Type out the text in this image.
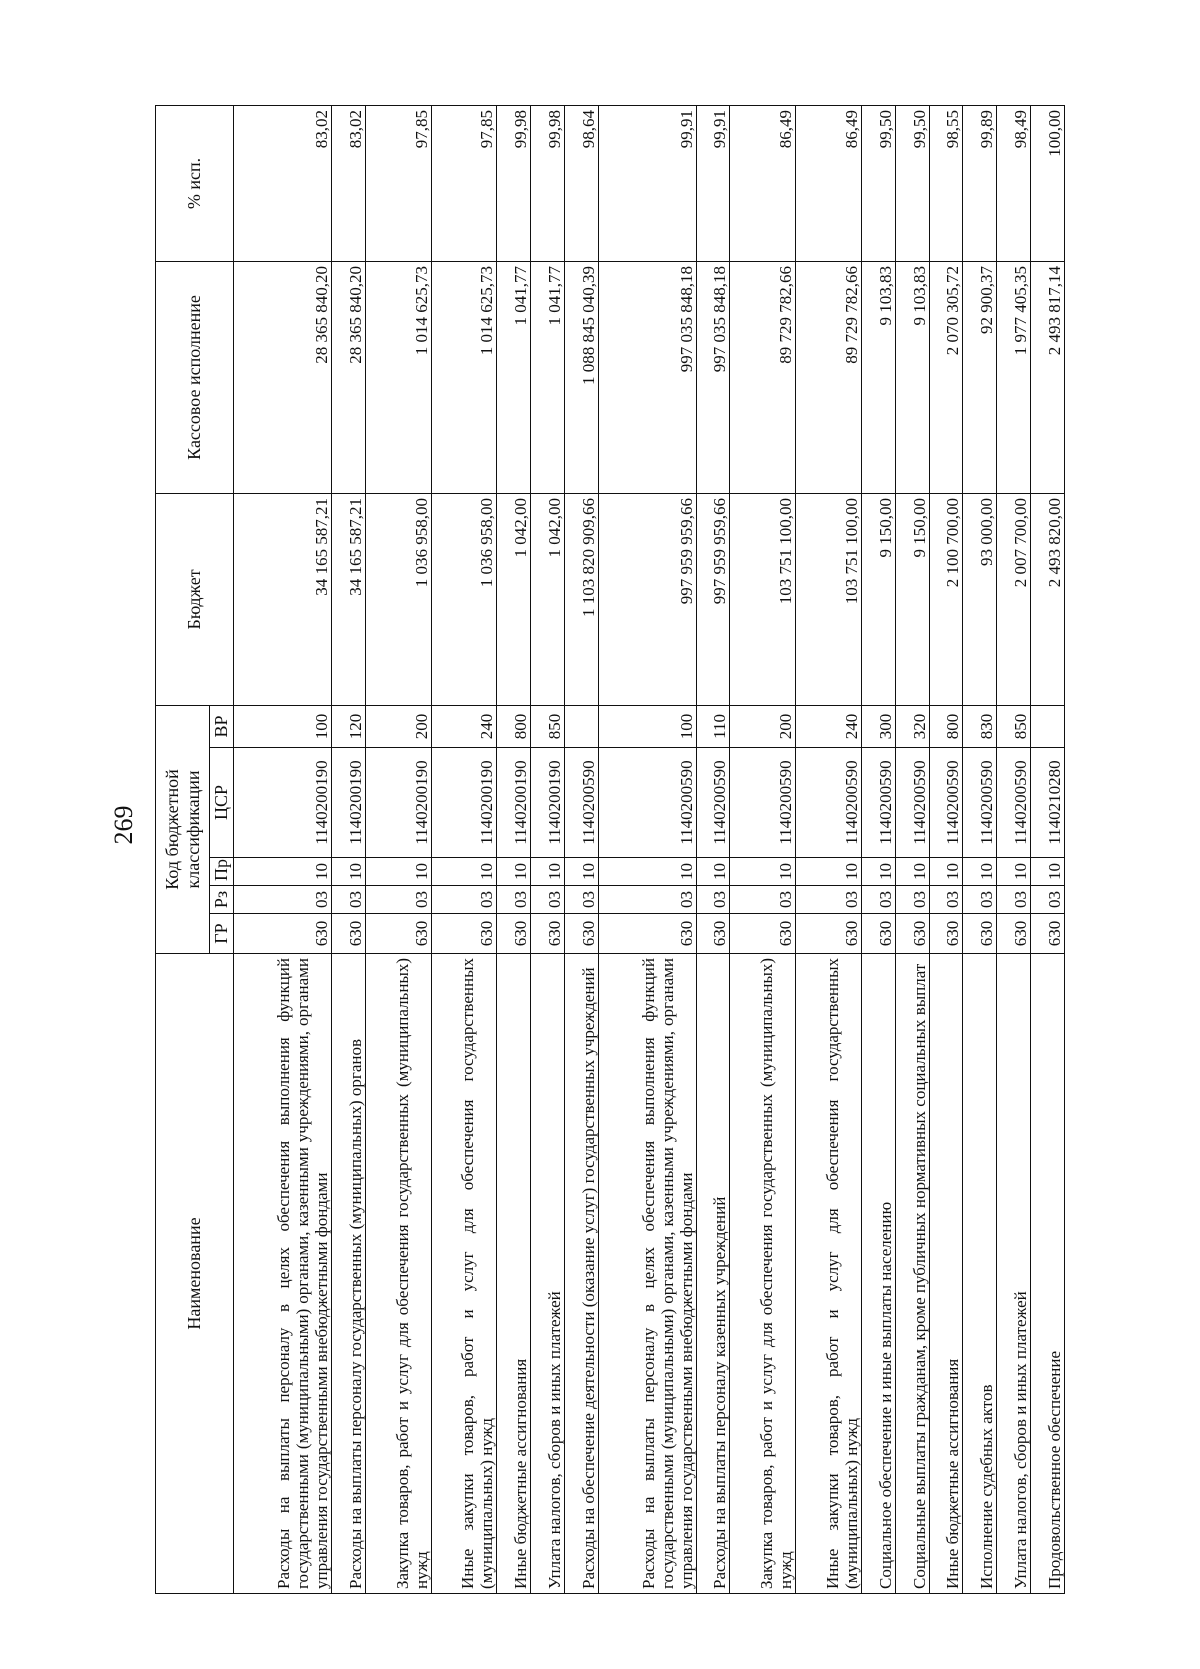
269
Наименование	Код бюджетной классификации					Бюджет	Кассовое исполнение	% исп.
	ГР	Рз	Пр	ЦСР	ВР			
Расходы на выплаты персоналу в целях обеспечения выполнения функций государственными (муниципальными) органами, казенными учреждениями, органами управления государственными внебюджетными фондами	630	03	10	1140200190	100	34 165 587,21	28 365 840,20	83,02
Расходы на выплаты персоналу государственных (муниципальных) органов	630	03	10	1140200190	120	34 165 587,21	28 365 840,20	83,02
Закупка товаров, работ и услуг для обеспечения государственных (муниципальных) нужд	630	03	10	1140200190	200	1 036 958,00	1 014 625,73	97,85
Иные закупки товаров, работ и услуг для обеспечения государственных (муниципальных) нужд	630	03	10	1140200190	240	1 036 958,00	1 014 625,73	97,85
Иные бюджетные ассигнования	630	03	10	1140200190	800	1 042,00	1 041,77	99,98
Уплата налогов, сборов и иных платежей	630	03	10	1140200190	850	1 042,00	1 041,77	99,98
Расходы на обеспечение деятельности (оказание услуг) государственных учреждений	630	03	10	1140200590		1 103 820 909,66	1 088 845 040,39	98,64
Расходы на выплаты персоналу в целях обеспечения выполнения функций государственными (муниципальными) органами, казенными учреждениями, органами управления государственными внебюджетными фондами	630	03	10	1140200590	100	997 959 959,66	997 035 848,18	99,91
Расходы на выплаты персоналу казенных учреждений	630	03	10	1140200590	110	997 959 959,66	997 035 848,18	99,91
Закупка товаров, работ и услуг для обеспечения государственных (муниципальных) нужд	630	03	10	1140200590	200	103 751 100,00	89 729 782,66	86,49
Иные закупки товаров, работ и услуг для обеспечения государственных (муниципальных) нужд	630	03	10	1140200590	240	103 751 100,00	89 729 782,66	86,49
Социальное обеспечение и иные выплаты населению	630	03	10	1140200590	300	9 150,00	9 103,83	99,50
Социальные выплаты гражданам, кроме публичных нормативных социальных выплат	630	03	10	1140200590	320	9 150,00	9 103,83	99,50
Иные бюджетные ассигнования	630	03	10	1140200590	800	2 100 700,00	2 070 305,72	98,55
Исполнение судебных актов	630	03	10	1140200590	830	93 000,00	92 900,37	99,89
Уплата налогов, сборов и иных платежей	630	03	10	1140200590	850	2 007 700,00	1 977 405,35	98,49
Продовольственное обеспечение	630	03	10	1140210280		2 493 820,00	2 493 817,14	100,00
